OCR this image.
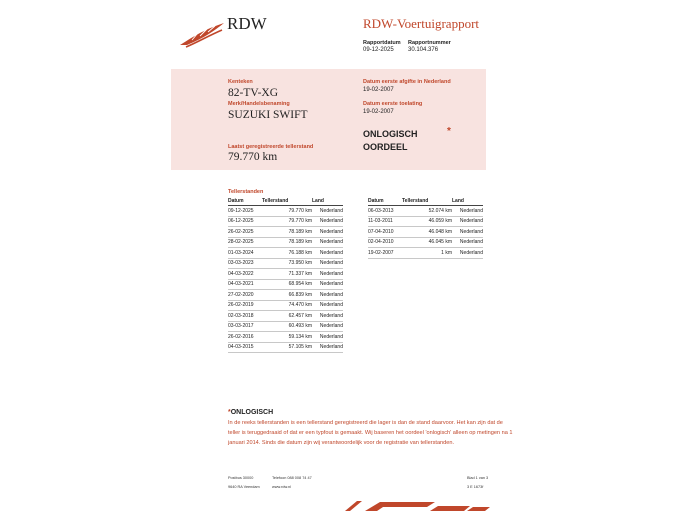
RDW	RDW-Voertuigrapport
Rapportdatum
09-12-2025
Rapportnummer
30.104.376
Kenteken
82-TV-XG
Merk/Handelsbenaming
SUZUKI SWIFT
Laatst geregistreerde tellerstand
79.770 km
Datum eerste afgifte in Nederland
19-02-2007
Datum eerste toelating
19-02-2007
ONLOGISCH
OORDEEL
*
Tellerstanden
Datum	Tellerstand	Land
09-12-2025	79.770 km	Nederland
06-12-2025	79.770 km	Nederland
26-02-2025	78.189 km	Nederland
28-02-2025	78.189 km	Nederland
01-03-2024	76.188 km	Nederland
03-03-2023	73.950 km	Nederland
04-03-2022	71.337 km	Nederland
04-03-2021	68.954 km	Nederland
27-02-2020	66.839 km	Nederland
26-02-2019	74.470 km	Nederland
02-03-2018	62.457 km	Nederland
03-03-2017	60.493 km	Nederland
26-02-2016	59.134 km	Nederland
04-03-2015	57.105 km	Nederland
Datum	Tellerstand	Land
06-03-2013	52.074 km	Nederland
11-03-2011	46.059 km	Nederland
07-04-2010	46.048 km	Nederland
02-04-2010	46.045 km	Nederland
19-02-2007	1 km	Nederland
*ONLOGISCH
In de reeks tellerstanden is een tellerstand geregistreerd die lager is dan de stand daarvoor. Het kan zijn dat de teller is teruggedraaid of dat er een typfout is gemaakt. Wij baseren het oordeel 'onlogisch' alleen op metingen na 1 januari 2014. Sinds die datum zijn wij verantwoordelijk voor de registratie van tellerstanden.
Postbus 30000
9640 RA Veendam
Telefoon 088 008 74 47
www.rdw.nl
Blad 1 van 3
3 E 1673f
